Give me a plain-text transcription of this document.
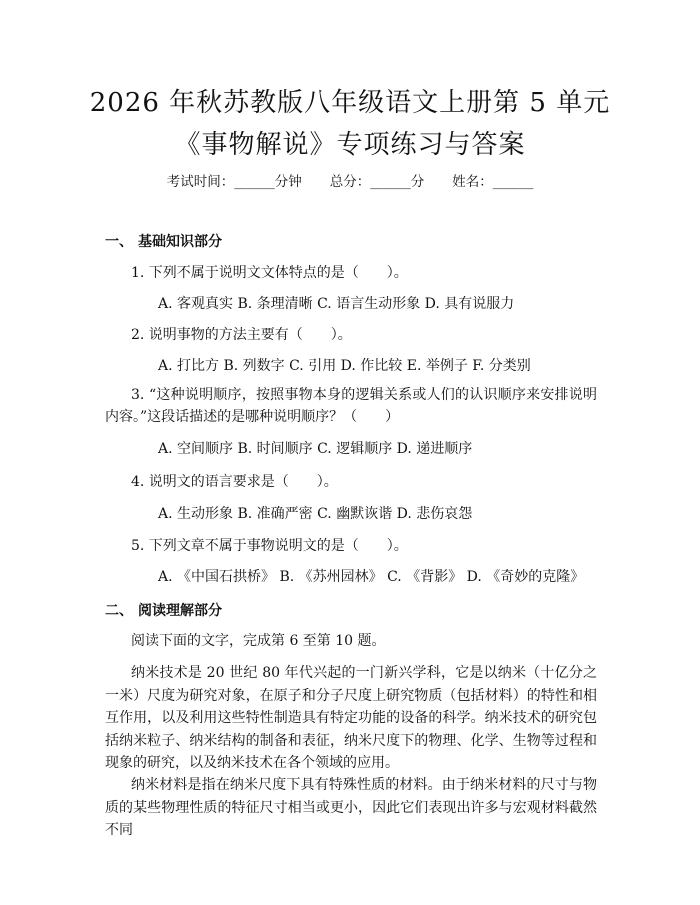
2026 年秋苏教版八年级语文上册第 5 单元
《事物解说》专项练习与答案
考试时间：______分钟 总分：______分 姓名：______
一、 基础知识部分
1. 下列不属于说明文文体特点的是（　　）。
A. 客观真实 B. 条理清晰 C. 语言生动形象 D. 具有说服力
2. 说明事物的方法主要有（　　）。
A. 打比方 B. 列数字 C. 引用 D. 作比较 E. 举例子 F. 分类别
3. “这种说明顺序，按照事物本身的逻辑关系或人们的认识顺序来安排说明内容。”这段话描述的是哪种说明顺序？（　　）
A. 空间顺序 B. 时间顺序 C. 逻辑顺序 D. 递进顺序
4. 说明文的语言要求是（　　）。
A. 生动形象 B. 准确严密 C. 幽默诙谐 D. 悲伤哀怨
5. 下列文章不属于事物说明文的是（　　）。
A. 《中国石拱桥》 B. 《苏州园林》 C. 《背影》 D. 《奇妙的克隆》
二、 阅读理解部分
阅读下面的文字，完成第 6 至第 10 题。
纳米技术是 20 世纪 80 年代兴起的一门新兴学科，它是以纳米（十亿分之一米）尺度为研究对象，在原子和分子尺度上研究物质（包括材料）的特性和相互作用，以及利用这些特性制造具有特定功能的设备的科学。纳米技术的研究包括纳米粒子、纳米结构的制备和表征，纳米尺度下的物理、化学、生物等过程和现象的研究，以及纳米技术在各个领域的应用。
纳米材料是指在纳米尺度下具有特殊性质的材料。由于纳米材料的尺寸与物质的某些物理性质的特征尺寸相当或更小，因此它们表现出许多与宏观材料截然不同
